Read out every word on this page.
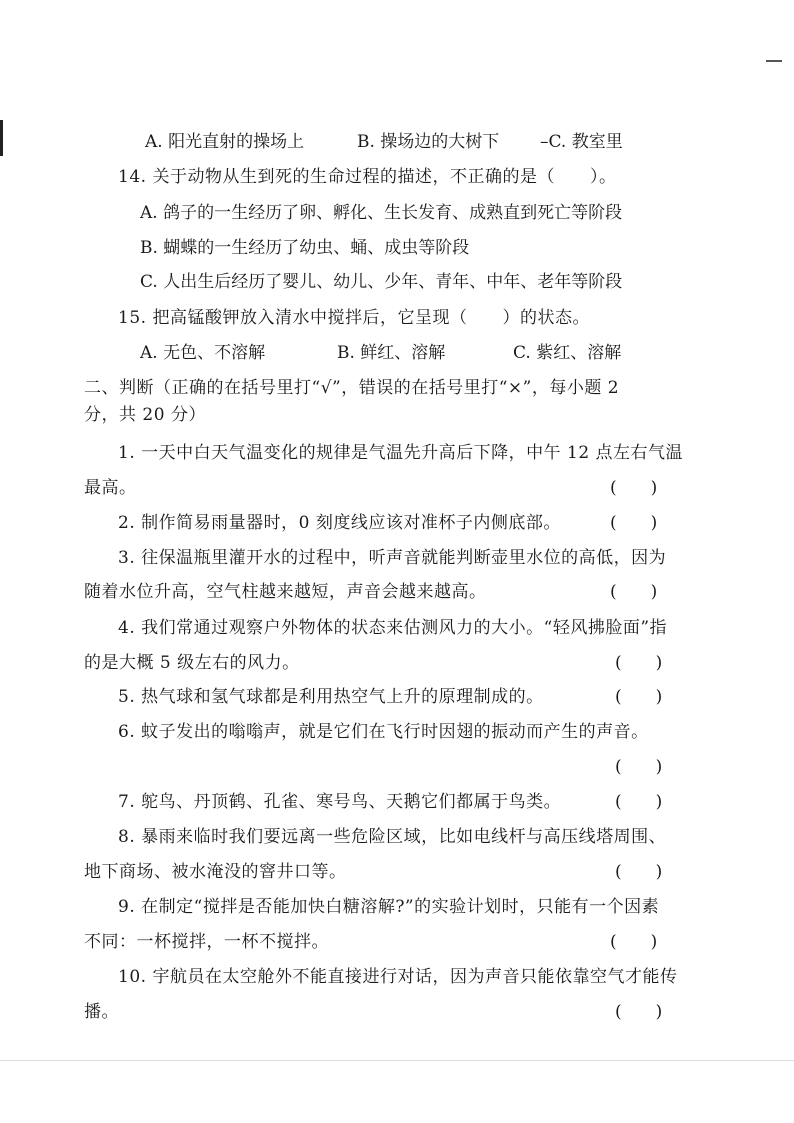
A. 阳光直射的操场上	B. 操场边的大树下 –C. 教室里
14. 关于动物从生到死的生命过程的描述，不正确的是（　　）。
A. 鸽子的一生经历了卵、孵化、生长发育、成熟直到死亡等阶段
B. 蝴蝶的一生经历了幼虫、蛹、成虫等阶段
C. 人出生后经历了婴儿、幼儿、少年、青年、中年、老年等阶段
15. 把高锰酸钾放入清水中搅拌后，它呈现（　　）的状态。
A. 无色、不溶解	B. 鲜红、溶解	C. 紫红、溶解
二、判断（正确的在括号里打“√”，错误的在括号里打“×”，每小题 2
分，共 20 分）
1. 一天中白天气温变化的规律是气温先升高后下降，中午 12 点左右气温
最高。	(　　)
2. 制作简易雨量器时，0 刻度线应该对准杯子内侧底部。	(　　)
3. 往保温瓶里灌开水的过程中，听声音就能判断壶里水位的高低，因为
随着水位升高，空气柱越来越短，声音会越来越高。	(　　)
4. 我们常通过观察户外物体的状态来估测风力的大小。“轻风拂脸面”指
的是大概 5 级左右的风力。	(　　)
5. 热气球和氢气球都是利用热空气上升的原理制成的。	(　　)
6. 蚊子发出的嗡嗡声，就是它们在飞行时因翅的振动而产生的声音。
(　　)
7. 鸵鸟、丹顶鹤、孔雀、寒号鸟、天鹅它们都属于鸟类。	(　　)
8. 暴雨来临时我们要远离一些危险区域，比如电线杆与高压线塔周围、
地下商场、被水淹没的窨井口等。	(　　)
9. 在制定“搅拌是否能加快白糖溶解?”的实验计划时，只能有一个因素
不同：一杯搅拌，一杯不搅拌。	(　　)
10. 宇航员在太空舱外不能直接进行对话，因为声音只能依靠空气才能传
播。	(　　)
